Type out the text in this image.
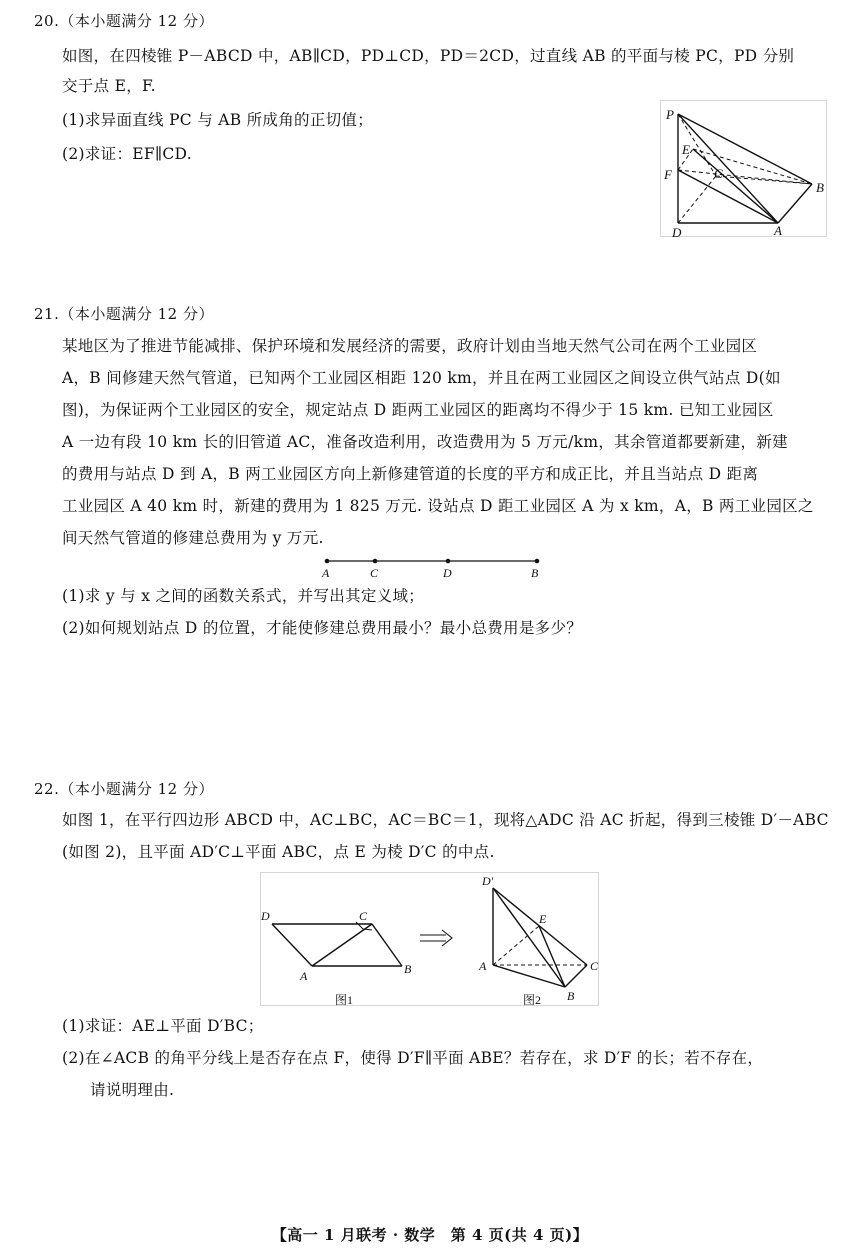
20.（本小题满分 12 分）
如图，在四棱锥 P－ABCD 中，AB∥CD，PD⊥CD，PD＝2CD，过直线 AB 的平面与棱 PC，PD 分别
交于点 E，F.
(1)求异面直线 PC 与 AB 所成角的正切值；
(2)求证：EF∥CD.
P
E
F	C
B
D	A
21.（本小题满分 12 分）
某地区为了推进节能减排、保护环境和发展经济的需要，政府计划由当地天然气公司在两个工业园区
A，B 间修建天然气管道，已知两个工业园区相距 120 km，并且在两工业园区之间设立供气站点 D(如
图)，为保证两个工业园区的安全，规定站点 D 距两工业园区的距离均不得少于 15 km. 已知工业园区
A 一边有段 10 km 长的旧管道 AC，准备改造利用，改造费用为 5 万元/km，其余管道都要新建，新建
的费用与站点 D 到 A，B 两工业园区方向上新修建管道的长度的平方和成正比，并且当站点 D 距离
工业园区 A 40 km 时，新建的费用为 1 825 万元. 设站点 D 距工业园区 A 为 x km，A，B 两工业园区之
间天然气管道的修建总费用为 y 万元.
A	C	D	B
(1)求 y 与 x 之间的函数关系式，并写出其定义域；
(2)如何规划站点 D 的位置，才能使修建总费用最小？最小总费用是多少？
22.（本小题满分 12 分）
如图 1，在平行四边形 ABCD 中，AC⊥BC，AC＝BC＝1，现将△ADC 沿 AC 折起，得到三棱锥 D′－ABC
(如图 2)，且平面 AD′C⊥平面 ABC，点 E 为棱 D′C 的中点.
D	C
A	B
图1
D′
E
A	C
B
图2
(1)求证：AE⊥平面 D′BC；
(2)在∠ACB 的角平分线上是否存在点 F，使得 D′F∥平面 ABE？若存在，求 D′F 的长；若不存在，
请说明理由.
【高一 1 月联考 · 数学　第 4 页(共 4 页)】
